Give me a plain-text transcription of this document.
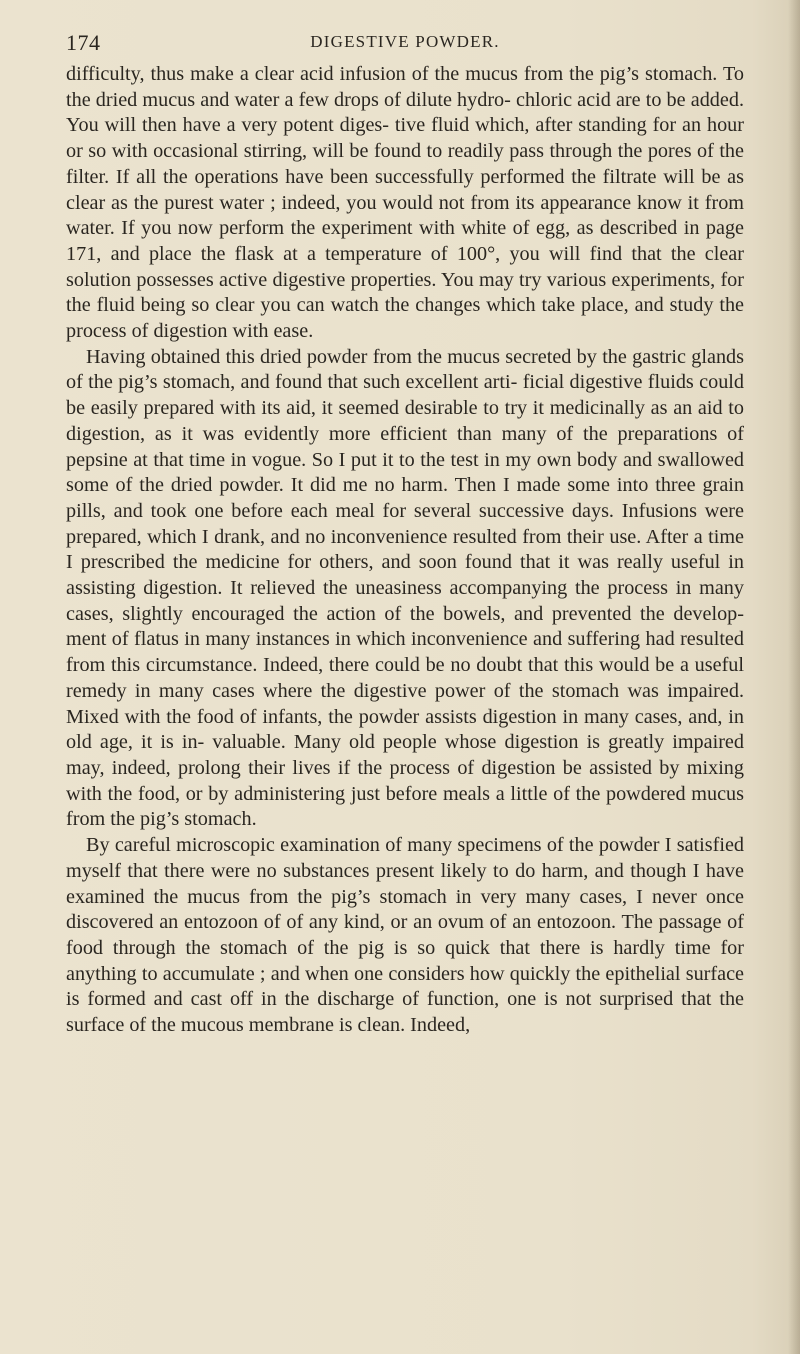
174	DIGESTIVE POWDER.

difficulty, thus make a clear acid infusion of the mucus from the pig’s stomach. To the dried mucus and water a few drops of dilute hydro- chloric acid are to be added. You will then have a very potent diges- tive fluid which, after standing for an hour or so with occasional stirring, will be found to readily pass through the pores of the filter. If all the operations have been successfully performed the filtrate will be as clear as the purest water ; indeed, you would not from its appearance know it from water. If you now perform the experiment with white of egg, as described in page 171, and place the flask at a temperature of 100°, you will find that the clear solution possesses active digestive properties. You may try various experiments, for the fluid being so clear you can watch the changes which take place, and study the process of digestion with ease.

Having obtained this dried powder from the mucus secreted by the gastric glands of the pig’s stomach, and found that such excellent arti- ficial digestive fluids could be easily prepared with its aid, it seemed desirable to try it medicinally as an aid to digestion, as it was evidently more efficient than many of the preparations of pepsine at that time in vogue. So I put it to the test in my own body and swallowed some of the dried powder. It did me no harm. Then I made some into three grain pills, and took one before each meal for several successive days. Infusions were prepared, which I drank, and no inconvenience resulted from their use. After a time I prescribed the medicine for others, and soon found that it was really useful in assisting digestion. It relieved the uneasiness accompanying the process in many cases, slightly encouraged the action of the bowels, and prevented the develop- ment of flatus in many instances in which inconvenience and suffering had resulted from this circumstance. Indeed, there could be no doubt that this would be a useful remedy in many cases where the digestive power of the stomach was impaired. Mixed with the food of infants, the powder assists digestion in many cases, and, in old age, it is in- valuable. Many old people whose digestion is greatly impaired may, indeed, prolong their lives if the process of digestion be assisted by mixing with the food, or by administering just before meals a little of the powdered mucus from the pig’s stomach.

By careful microscopic examination of many specimens of the powder I satisfied myself that there were no substances present likely to do harm, and though I have examined the mucus from the pig’s stomach in very many cases, I never once discovered an entozoon of of any kind, or an ovum of an entozoon. The passage of food through the stomach of the pig is so quick that there is hardly time for anything to accumulate ; and when one considers how quickly the epithelial surface is formed and cast off in the discharge of function, one is not surprised that the surface of the mucous membrane is clean. Indeed,
